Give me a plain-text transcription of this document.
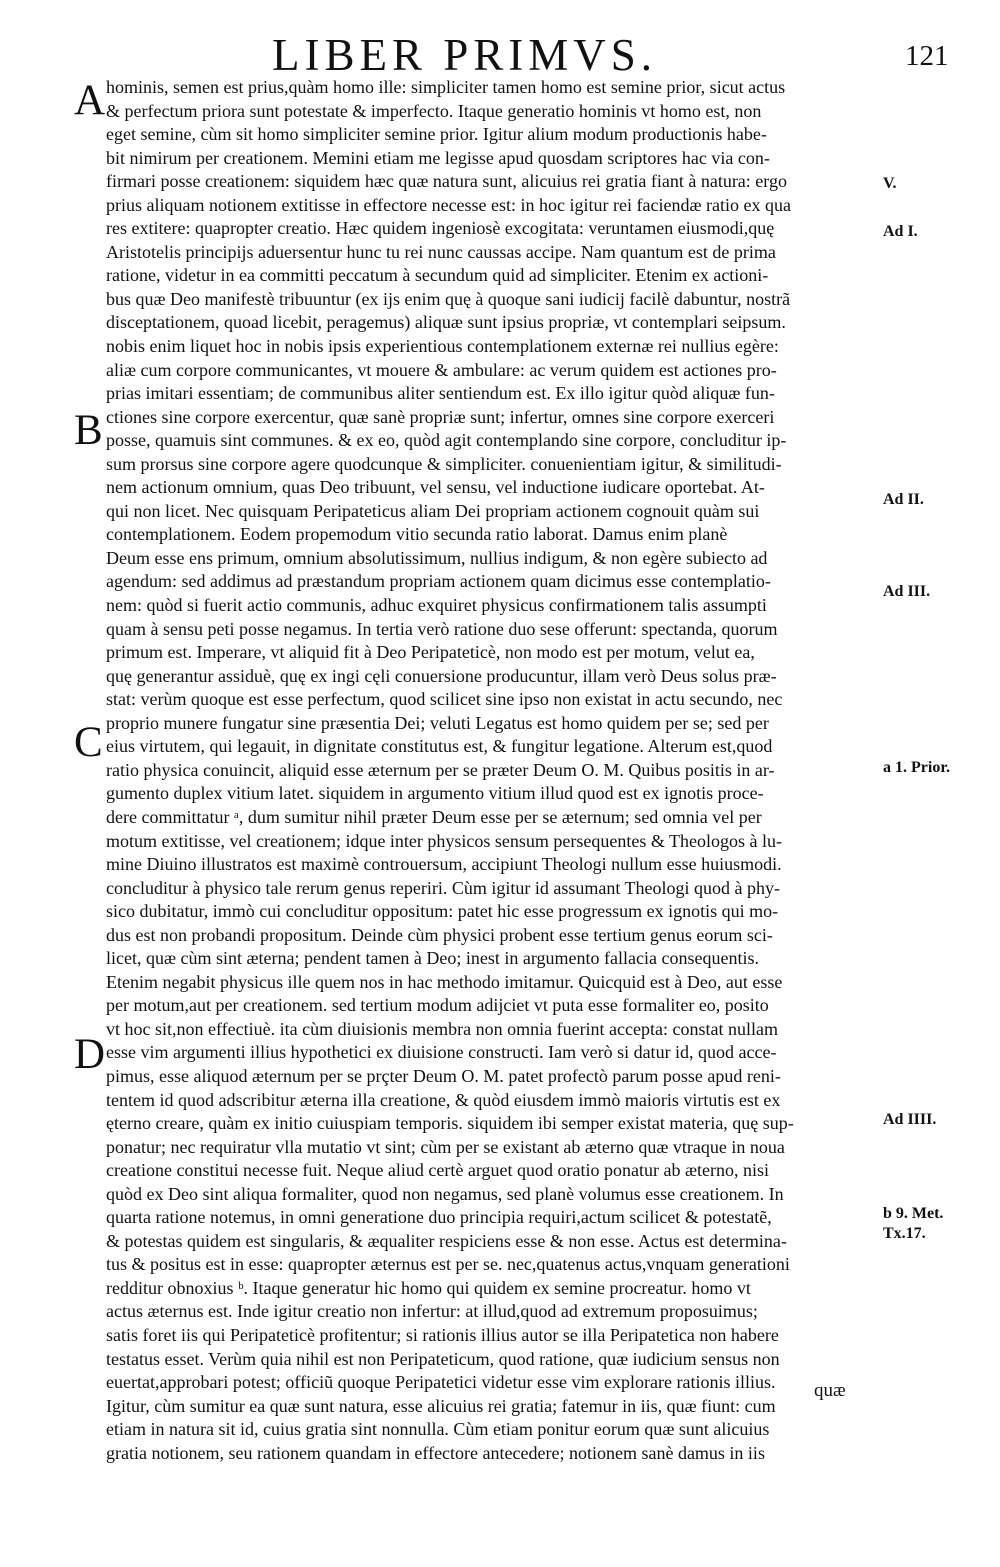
LIBER PRIMVS.	121
A
B
C
D
hominis, semen est prius,quàm homo ille: simpliciter tamen homo est semine prior, sicut actus
& perfectum priora sunt potestate & imperfecto. Itaque generatio hominis vt homo est, non
eget semine, cùm sit homo simpliciter semine prior. Igitur alium modum productionis habe-
bit nimirum per creationem. Memini etiam me legisse apud quosdam scriptores hac via con-
firmari posse creationem: siquidem hæc quæ natura sunt, alicuius rei gratia fiant à natura: ergo
prius aliquam notionem extitisse in effectore necesse est: in hoc igitur rei faciendæ ratio ex qua
res extitere: quapropter creatio. Hæc quidem ingeniosè excogitata: veruntamen eiusmodi,quę
Aristotelis principijs aduersentur hunc tu rei nunc caussas accipe. Nam quantum est de prima
ratione, videtur in ea committi peccatum à secundum quid ad simpliciter. Etenim ex actioni-
bus quæ Deo manifestè tribuuntur (ex ijs enim quę à quoque sani iudicij facilè dabuntur, nostrã
disceptationem, quoad licebit, peragemus) aliquæ sunt ipsius propriæ, vt contemplari seipsum.
nobis enim liquet hoc in nobis ipsis experientious contemplationem externæ rei nullius egère:
aliæ cum corpore communicantes, vt mouere & ambulare: ac verum quidem est actiones pro-
prias imitari essentiam; de communibus aliter sentiendum est. Ex illo igitur quòd aliquæ fun-
ctiones sine corpore exercentur, quæ sanè propriæ sunt; infertur, omnes sine corpore exerceri
posse, quamuis sint communes. & ex eo, quòd agit contemplando sine corpore, concluditur ip-
sum prorsus sine corpore agere quodcunque & simpliciter. conuenientiam igitur, & similitudi-
nem actionum omnium, quas Deo tribuunt, vel sensu, vel inductione iudicare oportebat. At-
qui non licet. Nec quisquam Peripateticus aliam Dei propriam actionem cognouit quàm sui
contemplationem. Eodem propemodum vitio secunda ratio laborat. Damus enim planè
Deum esse ens primum, omnium absolutissimum, nullius indigum, & non egère subiecto ad
agendum: sed addimus ad præstandum propriam actionem quam dicimus esse contemplatio-
nem: quòd si fuerit actio communis, adhuc exquiret physicus confirmationem talis assumpti
quam à sensu peti posse negamus. In tertia verò ratione duo sese offerunt: spectanda, quorum
primum est. Imperare, vt aliquid fit à Deo Peripateticè, non modo est per motum, velut ea,
quę generantur assiduè, quę ex ingi cęli conuersione producuntur, illam verò Deus solus præ-
stat: verùm quoque est esse perfectum, quod scilicet sine ipso non existat in actu secundo, nec
proprio munere fungatur sine præsentia Dei; veluti Legatus est homo quidem per se; sed per
eius virtutem, qui legauit, in dignitate constitutus est, & fungitur legatione. Alterum est,quod
ratio physica conuincit, aliquid esse æternum per se præter Deum O. M. Quibus positis in ar-
gumento duplex vitium latet. siquidem in argumento vitium illud quod est ex ignotis proce-
dere committatur ᵃ, dum sumitur nihil præter Deum esse per se æternum; sed omnia vel per
motum extitisse, vel creationem; idque inter physicos sensum persequentes & Theologos à lu-
mine Diuino illustratos est maximè controuersum, accipiunt Theologi nullum esse huiusmodi.
concluditur à physico tale rerum genus reperiri. Cùm igitur id assumant Theologi quod à phy-
sico dubitatur, immò cui concluditur oppositum: patet hic esse progressum ex ignotis qui mo-
dus est non probandi propositum. Deinde cùm physici probent esse tertium genus eorum sci-
licet, quæ cùm sint æterna; pendent tamen à Deo; inest in argumento fallacia consequentis.
Etenim negabit physicus ille quem nos in hac methodo imitamur. Quicquid est à Deo, aut esse
per motum,aut per creationem. sed tertium modum adijciet vt puta esse formaliter eo, posito
vt hoc sit,non effectiuè. ita cùm diuisionis membra non omnia fuerint accepta: constat nullam
esse vim argumenti illius hypothetici ex diuisione constructi. Iam verò si datur id, quod acce-
pimus, esse aliquod æternum per se prçter Deum O. M. patet profectò parum posse apud reni-
tentem id quod adscribitur æterna illa creatione, & quòd eiusdem immò maioris virtutis est ex
ęterno creare, quàm ex initio cuiuspiam temporis. siquidem ibi semper existat materia, quę sup-
ponatur; nec requiratur vlla mutatio vt sint; cùm per se existant ab æterno quæ vtraque in noua
creatione constitui necesse fuit. Neque aliud certè arguet quod oratio ponatur ab æterno, nisi
quòd ex Deo sint aliqua formaliter, quod non negamus, sed planè volumus esse creationem. In
quarta ratione notemus, in omni generatione duo principia requiri,actum scilicet & potestatẽ,
& potestas quidem est singularis, & æqualiter respiciens esse & non esse. Actus est determina-
tus & positus est in esse: quapropter æternus est per se. nec,quatenus actus,vnquam generationi
redditur obnoxius ᵇ. Itaque generatur hic homo qui quidem ex semine procreatur. homo vt
actus æternus est. Inde igitur creatio non infertur: at illud,quod ad extremum proposuimus;
satis foret iis qui Peripateticè profitentur; si rationis illius autor se illa Peripatetica non habere
testatus esset. Verùm quia nihil est non Peripateticum, quod ratione, quæ iudicium sensus non
euertat,approbari potest; officiũ quoque Peripatetici videtur esse vim explorare rationis illius.
Igitur, cùm sumitur ea quæ sunt natura, esse alicuius rei gratia; fatemur in iis, quæ fiunt: cum
etiam in natura sit id, cuius gratia sint nonnulla. Cùm etiam ponitur eorum quæ sunt alicuius
gratia notionem, seu rationem quandam in effectore antecedere; notionem sanè damus in iis
V.
Ad I.
Ad II.
Ad III.
a 1. Prior.
Ad IIII.
b 9. Met.
Tx.17.
quæ
